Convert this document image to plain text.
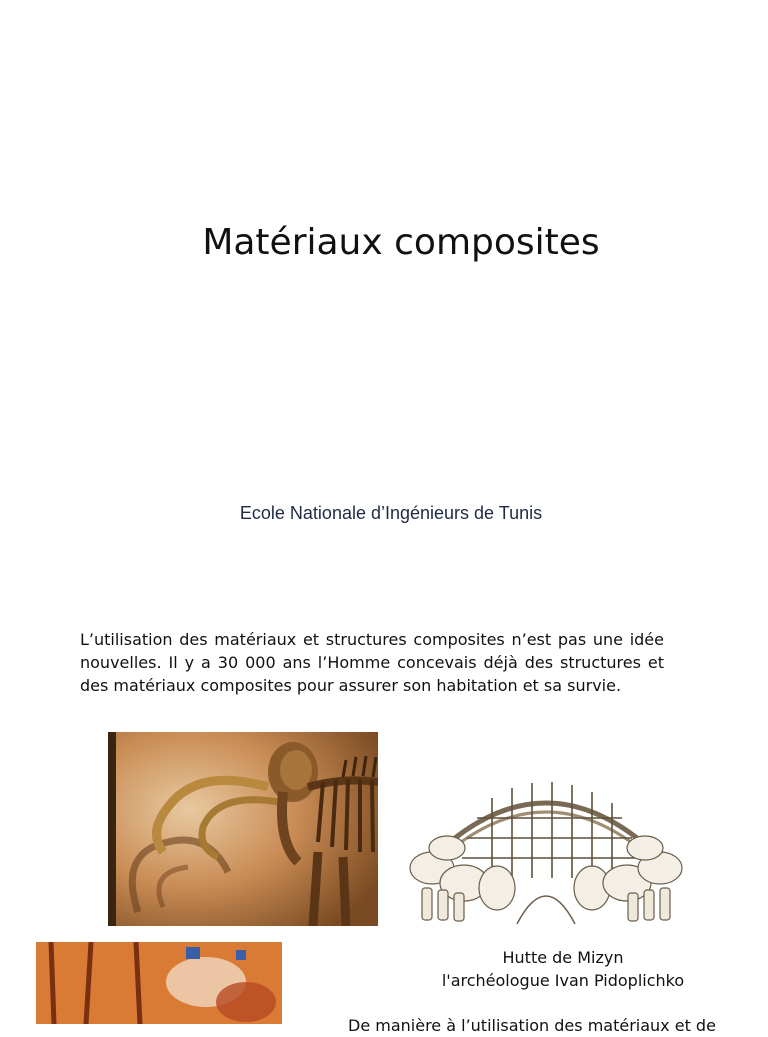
Matériaux composites
Ecole Nationale d’Ingénieurs de Tunis
L’utilisation des matériaux et structures composites n’est pas une idée nouvelles. Il y a 30 000 ans l’Homme concevais déjà des structures et des matériaux composites pour assurer son habitation et sa survie.
Hutte de Mizyn
l'archéologue Ivan Pidoplichko
De manière à l’utilisation des matériaux et de
